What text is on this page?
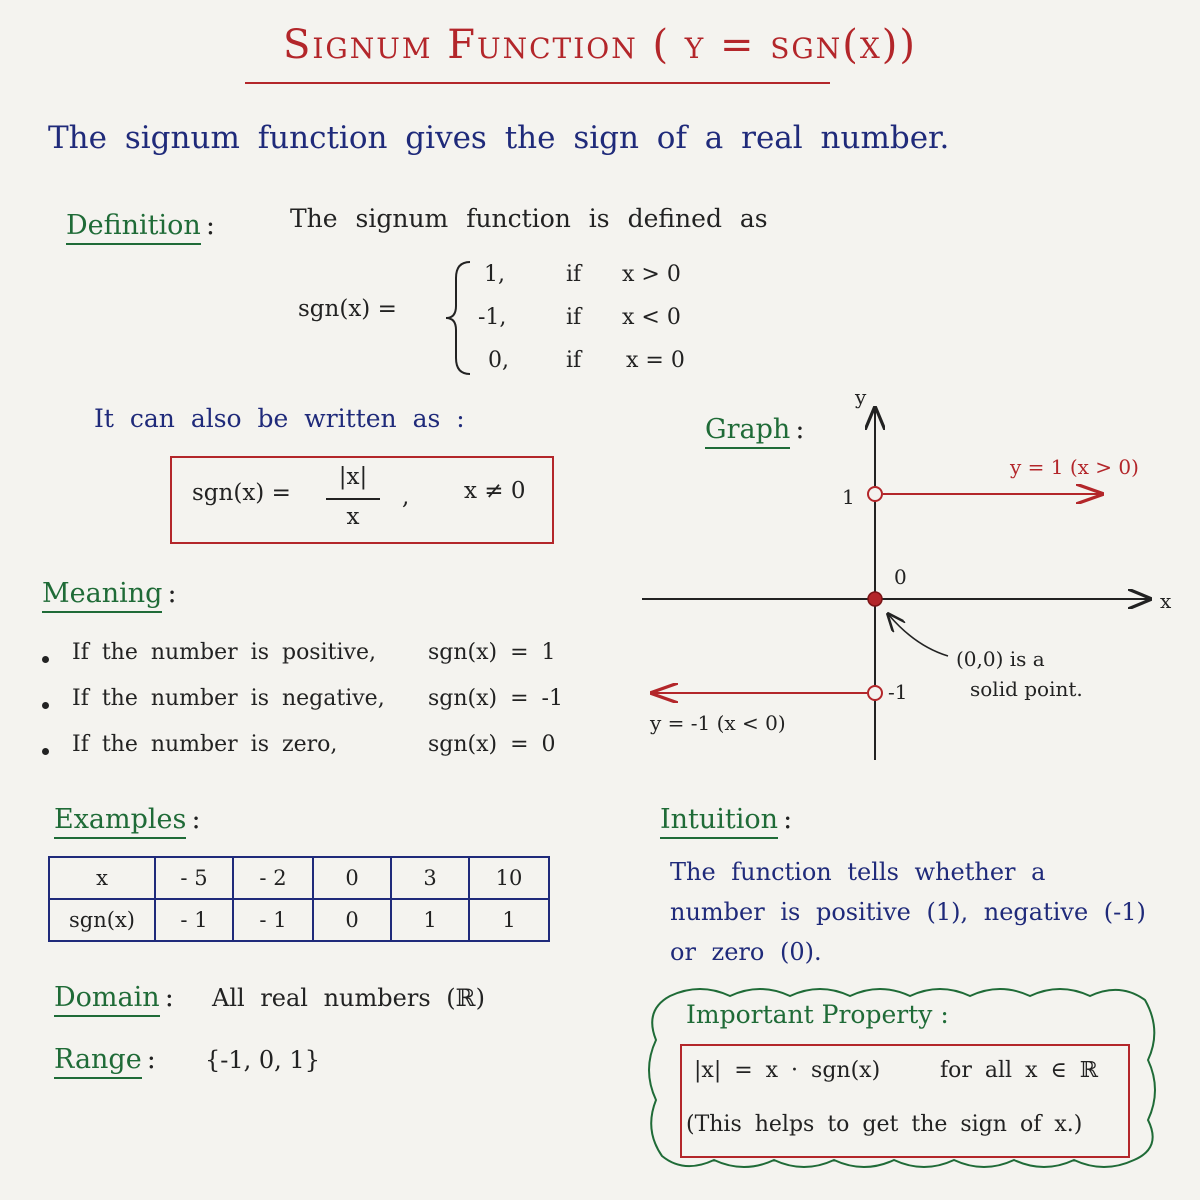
Signum Function ( y = sgn(x))
The signum function gives the sign of a real number.
Definition :	The signum function is defined as
sgn(x) =
1,	if x > 0
-1,	if x < 0
0,	if x = 0
It can also be written as :
sgn(x) =
|x|
x
, x ≠ 0
Meaning :
If the number is positive, sgn(x) = 1
If the number is negative, sgn(x) = -1
If the number is zero,	sgn(x) = 0
Examples :
x	- 5	- 2	0	3	10
sgn(x)	- 1	- 1	0	1	1
Domain : All real numbers (ℝ)
Range : {-1, 0, 1}
Graph :
y
x
1
-1
0
y = 1 (x > 0)
y = -1 (x < 0)
(0,0) is a
solid point.
Intuition :
The function tells whether a
number is positive (1), negative (-1)
or zero (0).
Important Property :
|x| = x · sgn(x)	for all x ∈ ℝ
(This helps to get the sign of x.)
